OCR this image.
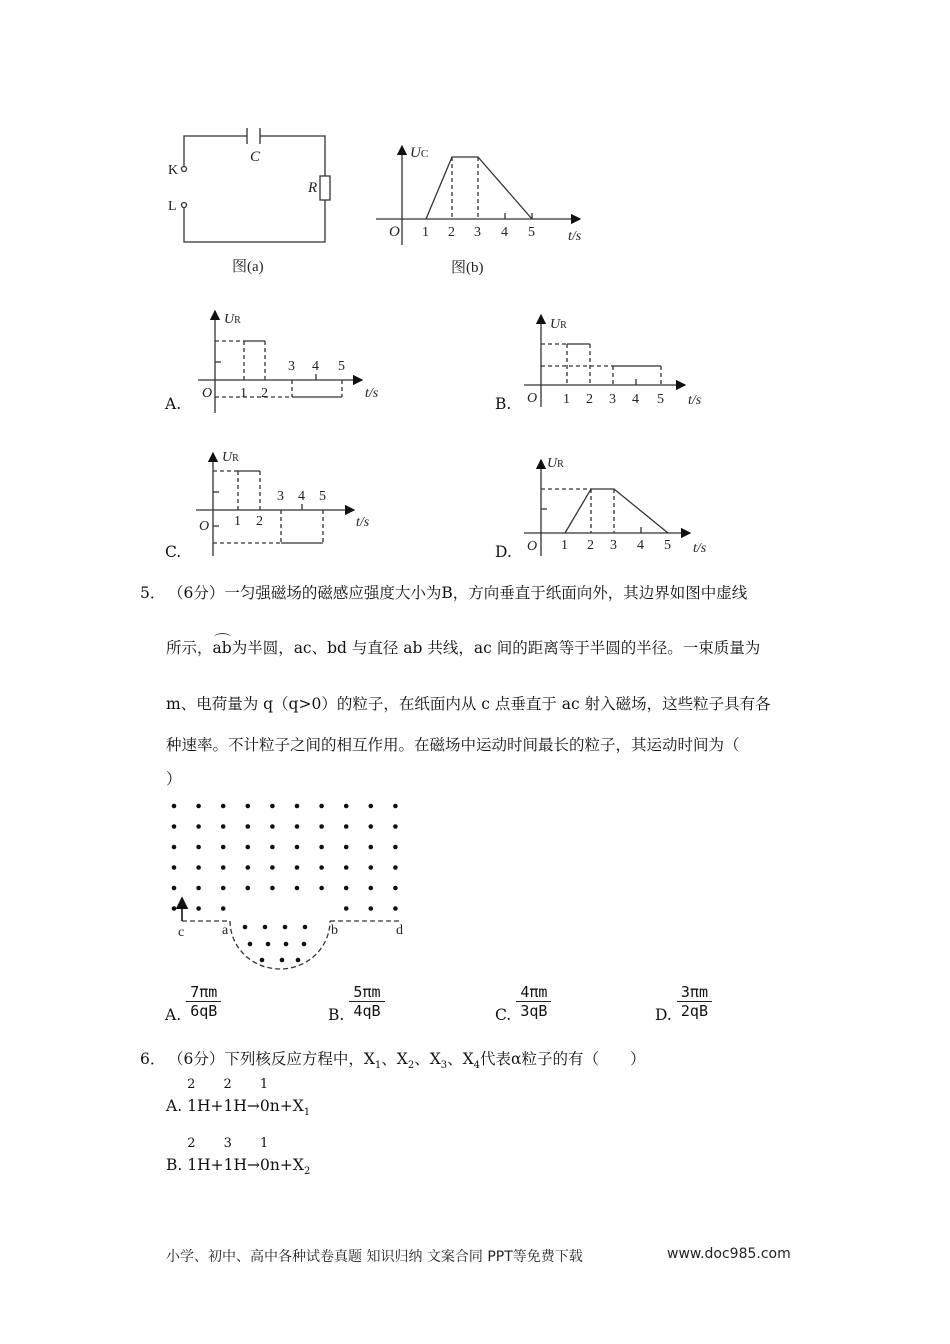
C
R
K
L
图(a)
UC
O 1 2 3 4 5 t/s
图(b)
UR
O 1 2
3 4 5
t/s
UR
O 1 2 3 4 5 t/s
UR
O 1 2
3 4 5
t/s
UR
O 1 2 3 4 5 t/s
c	a	b	d
A.	B.
C.	D.
5． （6分）一匀强磁场的磁感应强度大小为B，方向垂直于纸面向外，其边界如图中虚线
所示，
ab为半圆，ac、bd 与直径 ab 共线，ac 间的距离等于半圆的半径。一束质量为
m、电荷量为 q（q>0）的粒子，在纸面内从 c 点垂直于 ac 射入磁场，这些粒子具有各
种速率。不计粒子之间的相互作用。在磁场中运动时间最长的粒子，其运动时间为（
）
A. $\frac{7\pi m}{6qB}$	B. $\frac{5\pi m}{4qB}$	C. $\frac{4\pi m}{3qB}$	D. $\frac{3\pi m}{2qB}$
6． （6分）下列核反应方程中，$X_1$、$X_2$、$X_3$、$X_4$代表α粒子的有（　　）
A.
2
1H+
2
1H→
1
$0n+X_1$
B.
2
1H+
3
1H→
1
$0n+X_2$
小学、初中、高中各种试卷真题 知识归纳 文案合同 PPT等免费下载	www.doc985.com
